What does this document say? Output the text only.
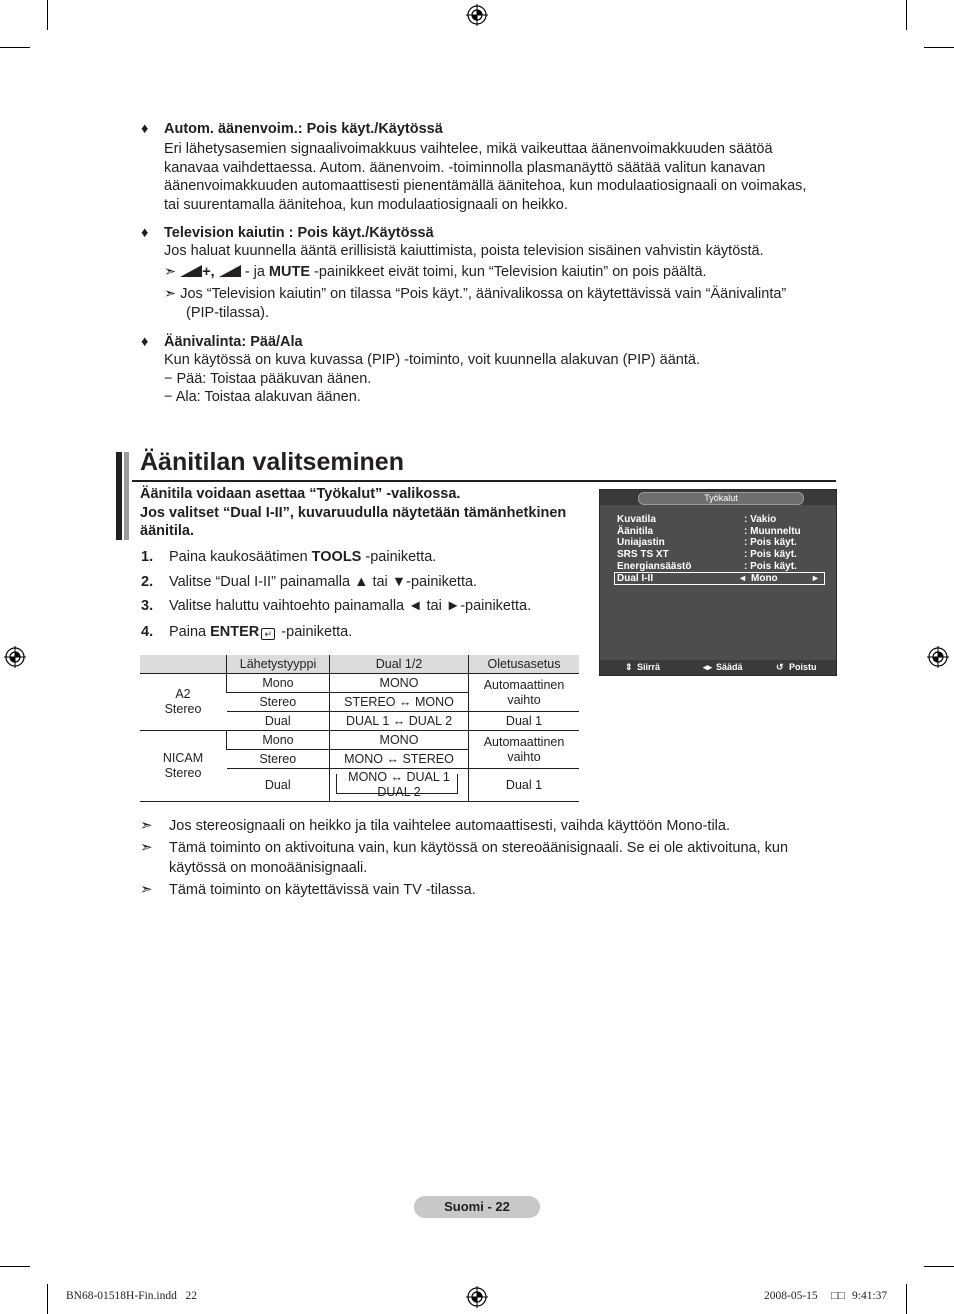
♦ Autom. äänenvoim.: Pois käyt./Käytössä
Eri lähetysasemien signaalivoimakkuus vaihtelee, mikä vaikeuttaa äänenvoimakkuuden säätöä
kanavaa vaihdettaessa. Autom. äänenvoim. -toiminnolla plasmanäyttö säätää valitun kanavan
äänenvoimakkuuden automaattisesti pienentämällä äänitehoa, kun modulaatiosignaali on voimakas,
tai suurentamalla äänitehoa, kun modulaatiosignaali on heikko.
♦ Television kaiutin : Pois käyt./Käytössä
Jos haluat kuunnella ääntä erillisistä kaiuttimista, poista television sisäinen vahvistin käytöstä.
➣ +,  - ja MUTE -painikkeet eivät toimi, kun “Television kaiutin” on pois päältä.
➣ Jos “Television kaiutin” on tilassa “Pois käyt.”, äänivalikossa on käytettävissä vain “Äänivalinta”
(PIP-tilassa).
♦ Äänivalinta: Pää/Ala
Kun käytössä on kuva kuvassa (PIP) -toiminto, voit kuunnella alakuvan (PIP) ääntä.
− Pää: Toistaa pääkuvan äänen.
− Ala: Toistaa alakuvan äänen.
Äänitilan valitseminen
Äänitila voidaan asettaa “Työkalut” -valikossa.
Jos valitset “Dual I-II”, kuvaruudulla näytetään tämänhetkinen
äänitila.
1. Paina kaukosäätimen TOOLS -painiketta.
2. Valitse “Dual I-II” painamalla ▲ tai ▼-painiketta.
3. Valitse haluttu vaihtoehto painamalla ◄ tai ►-painiketta.
4. Paina ENTER ↵ -painiketta.
	Lähetystyyppi	Dual 1/2	Oletusasetus
A2
Stereo	Mono	MONO	Automaattinen vaihto
	Stereo	STEREO ↔ MONO	
	Dual	DUAL 1 ↔ DUAL 2	Dual 1
NICAM
Stereo	Mono	MONO	Automaattinen vaihto
	Stereo	MONO ↔ STEREO	
	Dual	MONO ↔ DUAL 1
DUAL 2	Dual 1
Työkalut
Kuvatila	: Vakio
Äänitila	: Muunneltu
Uniajastin	: Pois käyt.
SRS TS XT	: Pois käyt.
Energiansäästö	: Pois käyt.
Dual I-II	◄ Mono	►
⇕ Siirrä	◂▸ Säädä	↺ Poistu
➣ Jos stereosignaali on heikko ja tila vaihtelee automaattisesti, vaihda käyttöön Mono-tila.
➣ Tämä toiminto on aktivoituna vain, kun käytössä on stereoäänisignaali. Se ei ole aktivoituna, kun
käytössä on monoäänisignaali.
➣ Tämä toiminto on käytettävissä vain TV -tilassa.
Suomi - 22
BN68-01518H-Fin.indd   22	2008-05-15 □□ 9:41:37
